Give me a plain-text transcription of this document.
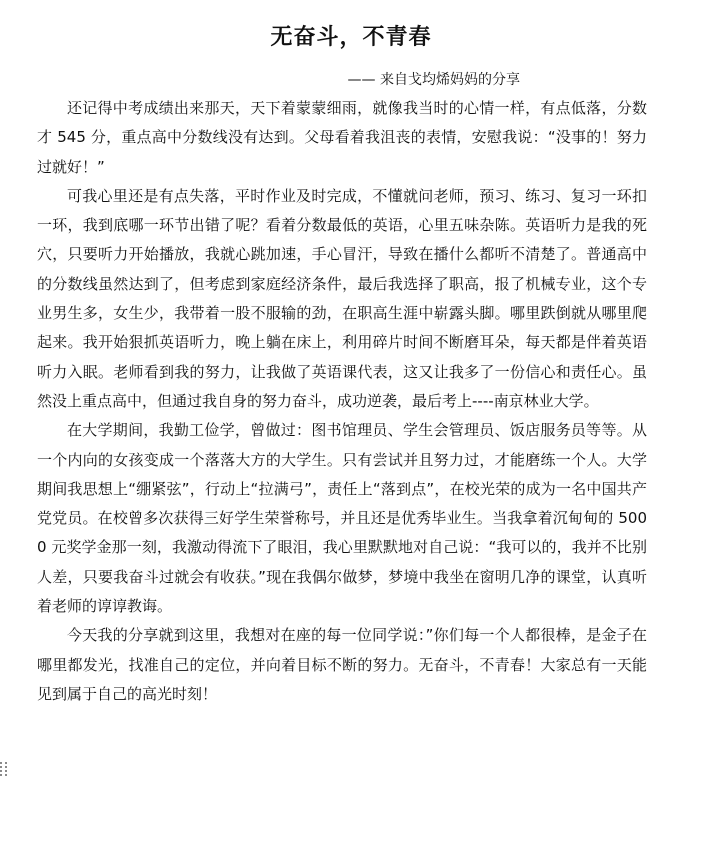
无奋斗，不青春
—— 来自戈均烯妈妈的分享

还记得中考成绩出来那天，天下着蒙蒙细雨，就像我当时的心情一样，有点低落，分数才 545 分，重点高中分数线没有达到。父母看着我沮丧的表情，安慰我说：“没事的！努力过就好！”

可我心里还是有点失落，平时作业及时完成，不懂就问老师，预习、练习、复习一环扣一环，我到底哪一环节出错了呢？看着分数最低的英语，心里五味杂陈。英语听力是我的死穴，只要听力开始播放，我就心跳加速，手心冒汗，导致在播什么都听不清楚了。普通高中的分数线虽然达到了，但考虑到家庭经济条件，最后我选择了职高，报了机械专业，这个专业男生多，女生少，我带着一股不服输的劲，在职高生涯中崭露头脚。哪里跌倒就从哪里爬起来。我开始狠抓英语听力，晚上躺在床上，利用碎片时间不断磨耳朵，每天都是伴着英语听力入眠。老师看到我的努力，让我做了英语课代表，这又让我多了一份信心和责任心。虽然没上重点高中，但通过我自身的努力奋斗，成功逆袭，最后考上----南京林业大学。

在大学期间，我勤工俭学，曾做过：图书馆理员、学生会管理员、饭店服务员等等。从一个内向的女孩变成一个落落大方的大学生。只有尝试并且努力过，才能磨练一个人。大学期间我思想上“绷紧弦”，行动上“拉满弓”，责任上“落到点”，在校光荣的成为一名中国共产党党员。在校曾多次获得三好学生荣誉称号，并且还是优秀毕业生。当我拿着沉甸甸的 5000 元奖学金那一刻，我激动得流下了眼泪，我心里默默地对自己说：“我可以的，我并不比别人差，只要我奋斗过就会有收获。”现在我偶尔做梦，梦境中我坐在窗明几净的课堂，认真听着老师的谆谆教诲。

今天我的分享就到这里，我想对在座的每一位同学说：”你们每一个人都很棒，是金子在哪里都发光，找准自己的定位，并向着目标不断的努力。无奋斗，不青春！大家总有一天能见到属于自己的高光时刻！
